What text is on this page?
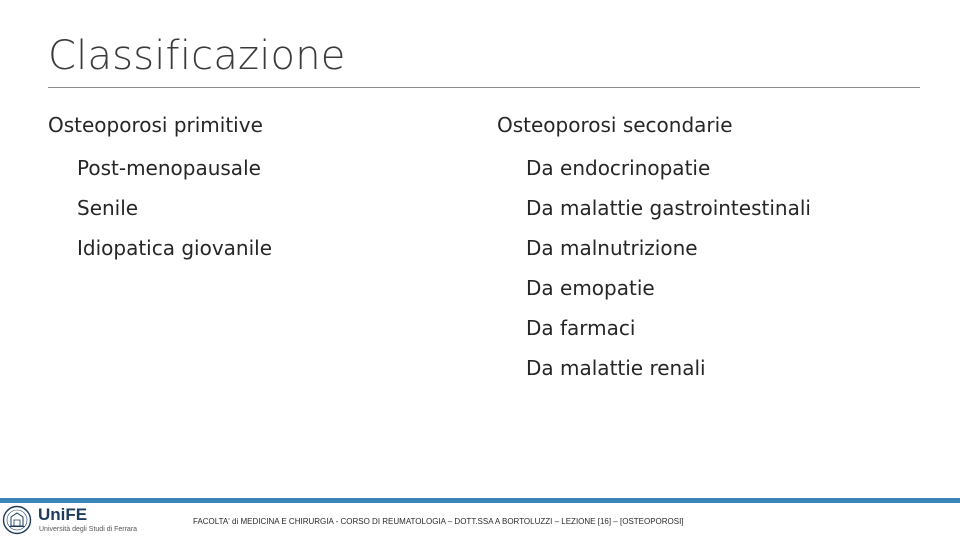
Classificazione

Osteoporosi primitive

Post-menopausale
Senile
Idiopatica giovanile

Osteoporosi secondarie

Da endocrinopatie
Da malattie gastrointestinali
Da malnutrizione
Da emopatie
Da farmaci
Da malattie renali
UniFE
Università degli Studi di Ferrara
FACOLTA' di MEDICINA E CHIRURGIA - CORSO DI REUMATOLOGIA – DOTT.SSA A BORTOLUZZI – LEZIONE [16] – [OSTEOPOROSI]
